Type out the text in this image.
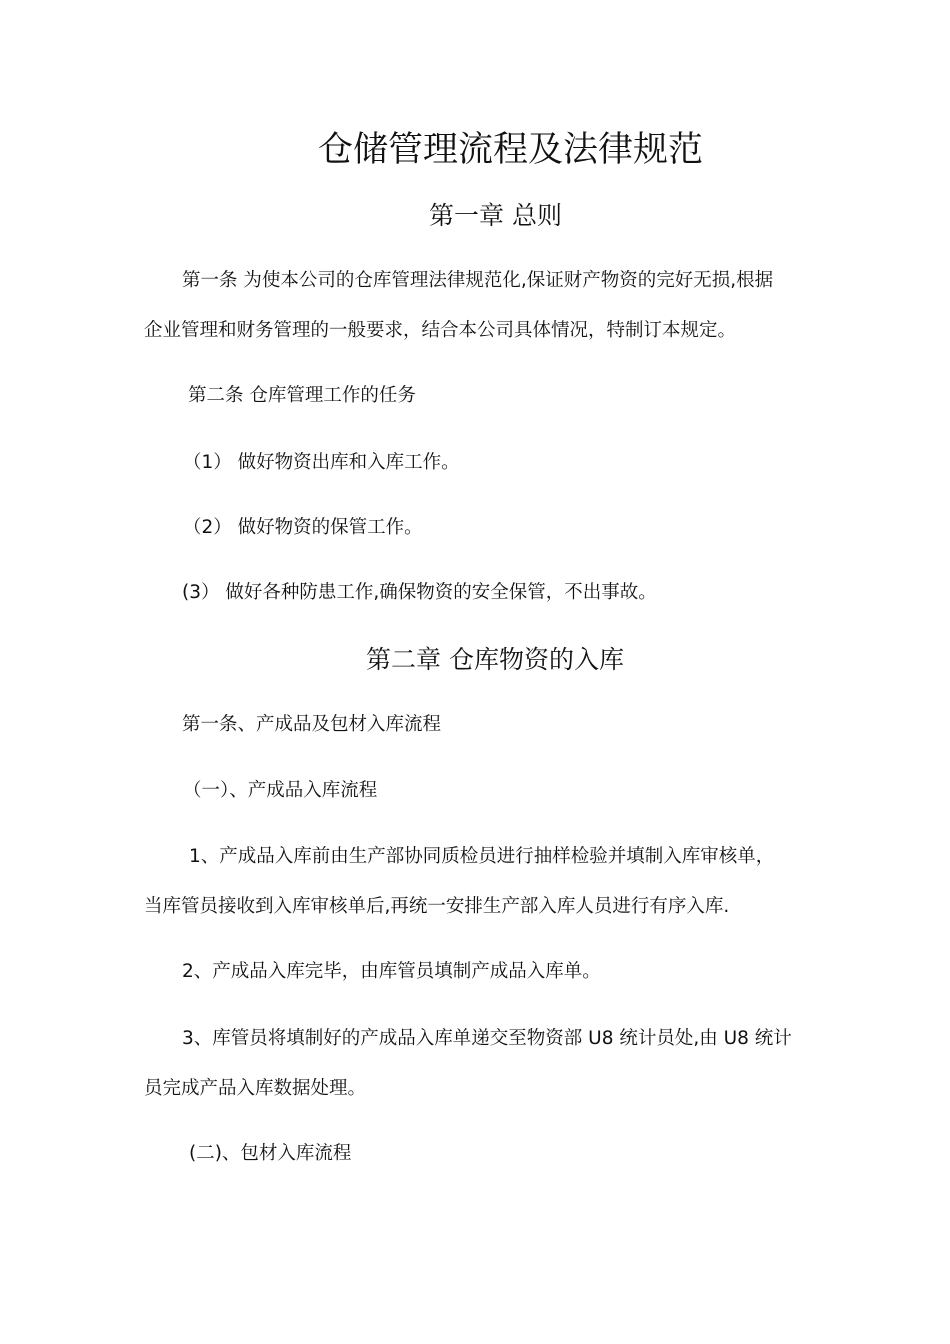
仓储管理流程及法律规范
第一章 总则
第一条 为使本公司的仓库管理法律规范化,保证财产物资的完好无损,根据
企业管理和财务管理的一般要求，结合本公司具体情况，特制订本规定。
第二条 仓库管理工作的任务
（1） 做好物资出库和入库工作。
（2） 做好物资的保管工作。
(3） 做好各种防患工作,确保物资的安全保管，不出事故。
第二章 仓库物资的入库
第一条、产成品及包材入库流程
（一）、产成品入库流程
1、产成品入库前由生产部协同质检员进行抽样检验并填制入库审核单，
当库管员接收到入库审核单后,再统一安排生产部入库人员进行有序入库.
2、产成品入库完毕，由库管员填制产成品入库单。
3、库管员将填制好的产成品入库单递交至物资部 U8 统计员处,由 U8 统计
员完成产品入库数据处理。
(二)、包材入库流程
